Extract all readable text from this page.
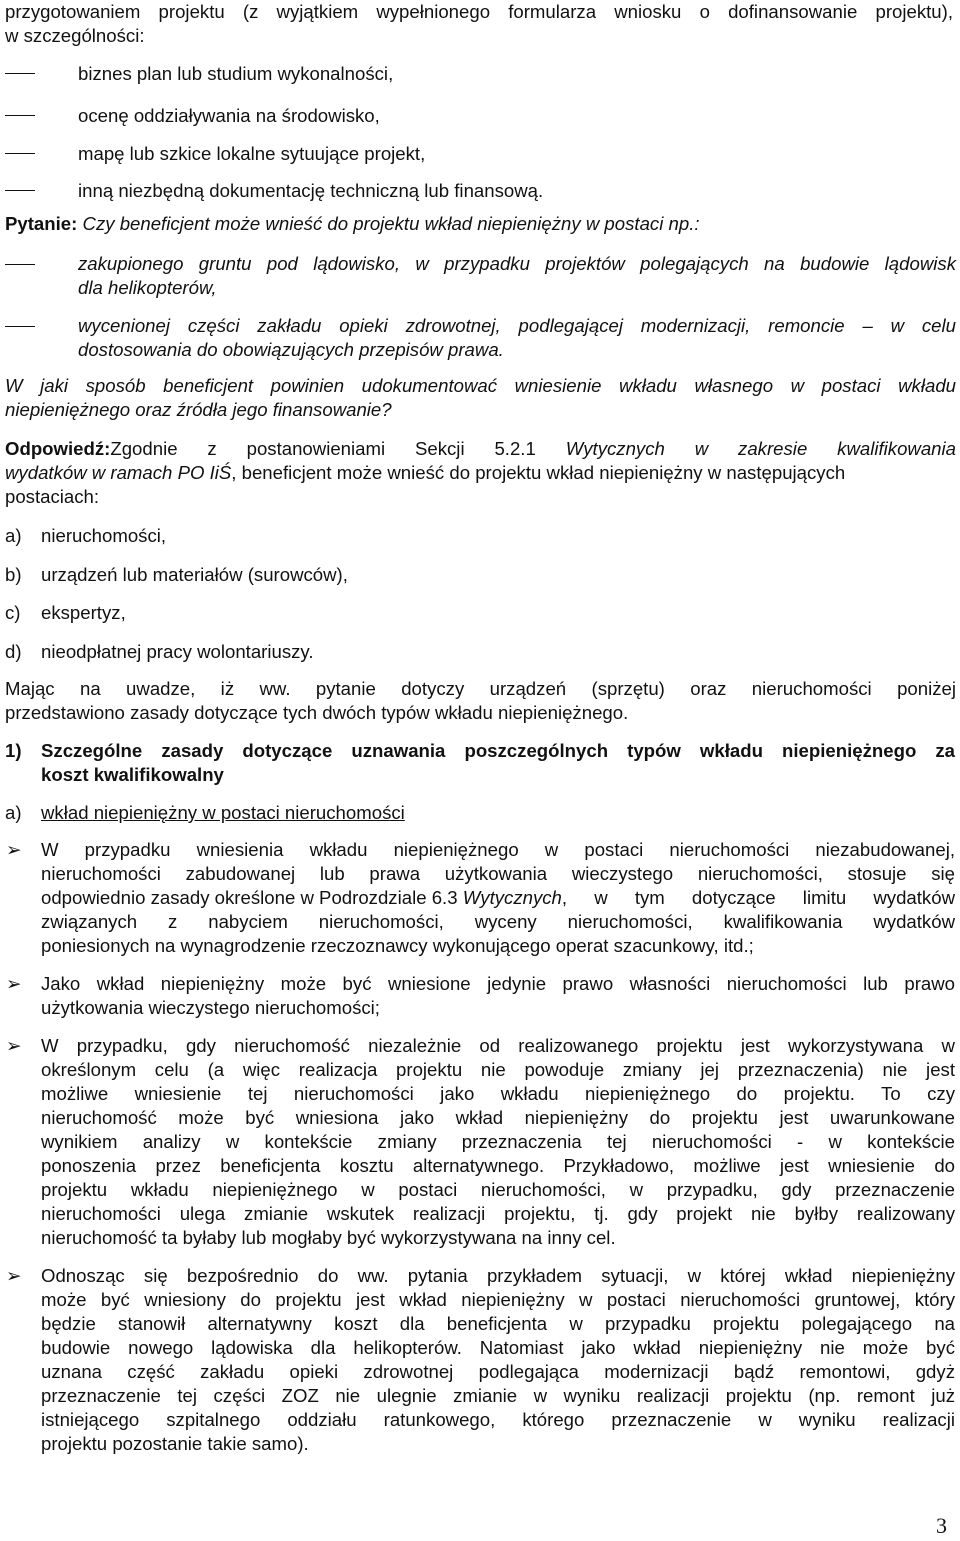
przygotowaniem projektu (z wyjątkiem wypełnionego formularza wniosku o dofinansowanie projektu),
w szczególności:
biznes plan lub studium wykonalności,
ocenę oddziaływania na środowisko,
mapę lub szkice lokalne sytuujące projekt,
inną niezbędną dokumentację techniczną lub finansową.
Pytanie: Czy beneficjent może wnieść do projektu wkład niepieniężny w postaci np.:
zakupionego gruntu pod lądowisko, w przypadku projektów polegających na budowie lądowisk
dla helikopterów,
wycenionej części zakładu opieki zdrowotnej, podlegającej modernizacji, remoncie – w celu
dostosowania do obowiązujących przepisów prawa.
W jaki sposób beneficjent powinien udokumentować wniesienie wkładu własnego w postaci wkładu
niepieniężnego oraz źródła jego finansowanie?
Odpowiedź: Zgodnie z postanowieniami Sekcji 5.2.1 Wytycznych w zakresie kwalifikowania
wydatków w ramach PO IiŚ, beneficjent może wnieść do projektu wkład niepieniężny w następujących
postaciach:
a) nieruchomości,
b) urządzeń lub materiałów (surowców),
c) ekspertyz,
d) nieodpłatnej pracy wolontariuszy.
Mając na uwadze, iż ww. pytanie dotyczy urządzeń (sprzętu) oraz nieruchomości poniżej
przedstawiono zasady dotyczące tych dwóch typów wkładu niepieniężnego.
1) Szczególne zasady dotyczące uznawania poszczególnych typów wkładu niepieniężnego za
koszt kwalifikowalny
a) wkład niepieniężny w postaci nieruchomości
➢ W przypadku wniesienia wkładu niepieniężnego w postaci nieruchomości niezabudowanej,
nieruchomości zabudowanej lub prawa użytkowania wieczystego nieruchomości, stosuje się
odpowiednio zasady określone w Podrozdziale 6.3 Wytycznych, w tym dotyczące limitu wydatków
związanych z nabyciem nieruchomości, wyceny nieruchomości, kwalifikowania wydatków
poniesionych na wynagrodzenie rzeczoznawcy wykonującego operat szacunkowy, itd.;
➢ Jako wkład niepieniężny może być wniesione jedynie prawo własności nieruchomości lub prawo
użytkowania wieczystego nieruchomości;
➢ W przypadku, gdy nieruchomość niezależnie od realizowanego projektu jest wykorzystywana w
określonym celu (a więc realizacja projektu nie powoduje zmiany jej przeznaczenia) nie jest
możliwe wniesienie tej nieruchomości jako wkładu niepieniężnego do projektu. To czy
nieruchomość może być wniesiona jako wkład niepieniężny do projektu jest uwarunkowane
wynikiem analizy w kontekście zmiany przeznaczenia tej nieruchomości - w kontekście
ponoszenia przez beneficjenta kosztu alternatywnego. Przykładowo, możliwe jest wniesienie do
projektu wkładu niepieniężnego w postaci nieruchomości, w przypadku, gdy przeznaczenie
nieruchomości ulega zmianie wskutek realizacji projektu, tj. gdy projekt nie byłby realizowany
nieruchomość ta byłaby lub mogłaby być wykorzystywana na inny cel.
➢ Odnosząc się bezpośrednio do ww. pytania przykładem sytuacji, w której wkład niepieniężny
może być wniesiony do projektu jest wkład niepieniężny w postaci nieruchomości gruntowej, który
będzie stanowił alternatywny koszt dla beneficjenta w przypadku projektu polegającego na
budowie nowego lądowiska dla helikopterów. Natomiast jako wkład niepieniężny nie może być
uznana część zakładu opieki zdrowotnej podlegająca modernizacji bądź remontowi, gdyż
przeznaczenie tej części ZOZ nie ulegnie zmianie w wyniku realizacji projektu (np. remont już
istniejącego szpitalnego oddziału ratunkowego, którego przeznaczenie w wyniku realizacji
projektu pozostanie takie samo).
3
